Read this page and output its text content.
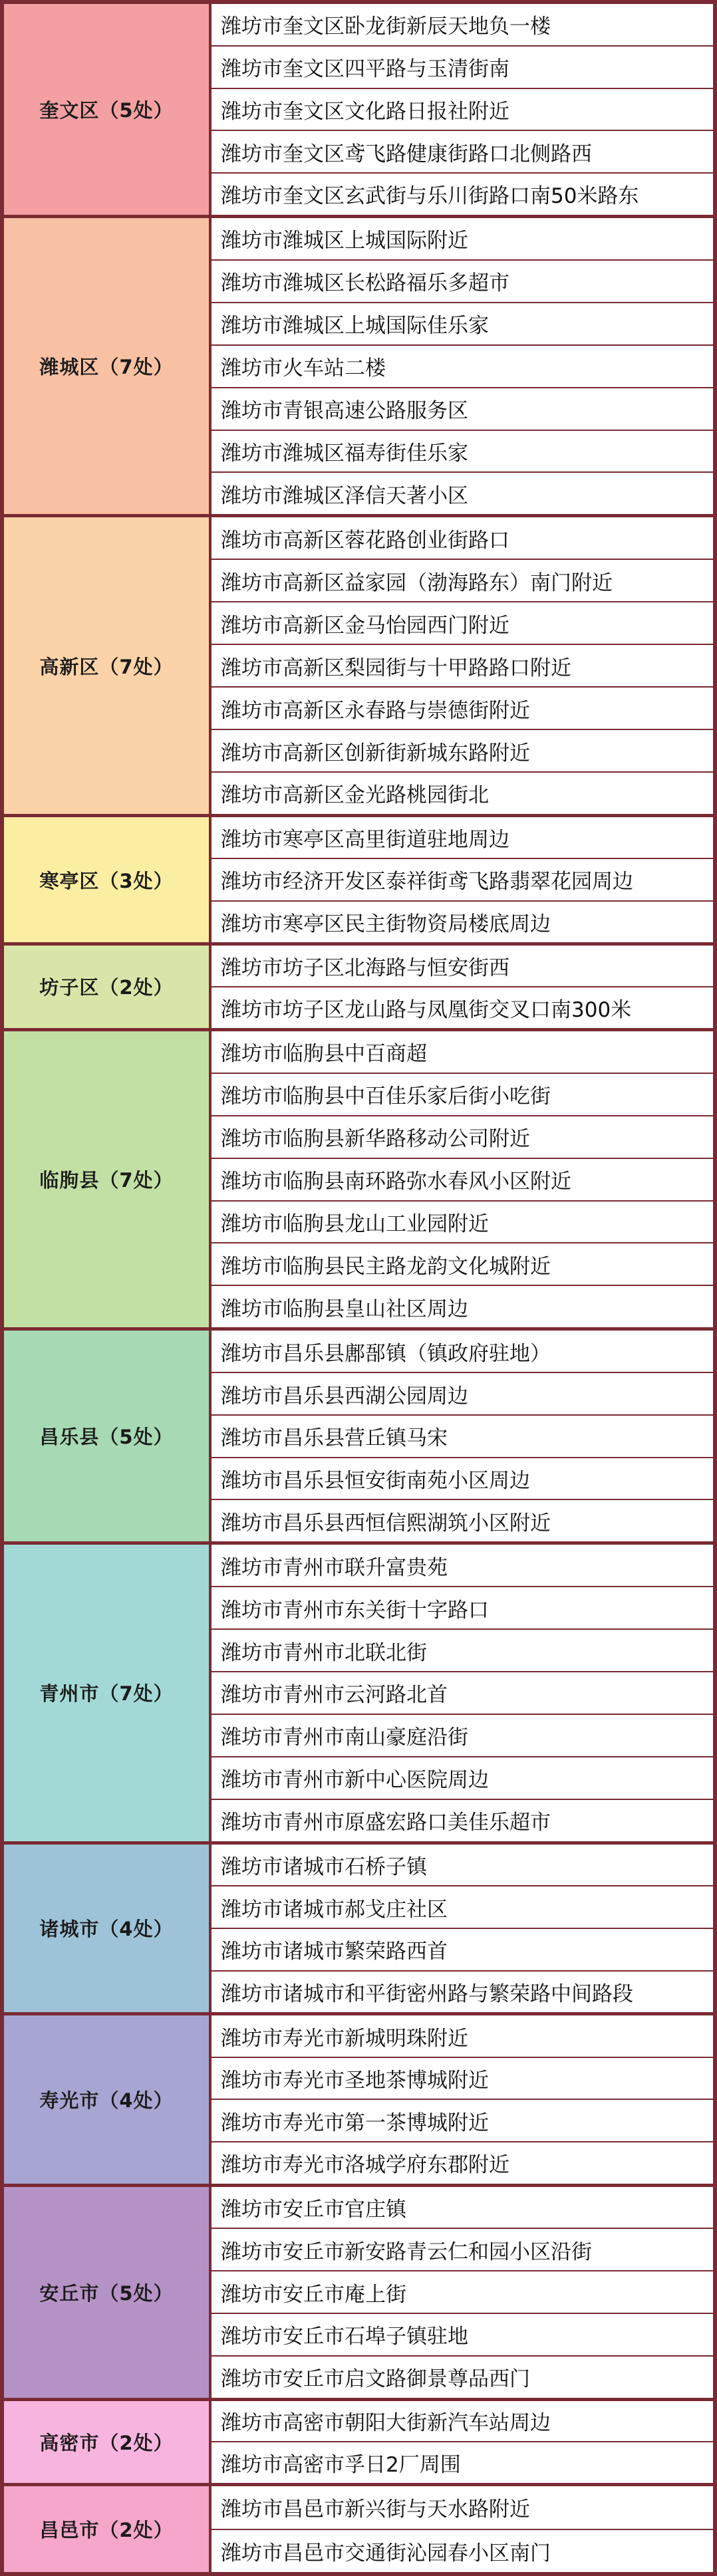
奎文区（5处）
潍坊市奎文区卧龙街新辰天地负一楼
潍坊市奎文区四平路与玉清街南
潍坊市奎文区文化路日报社附近
潍坊市奎文区鸢飞路健康街路口北侧路西
潍坊市奎文区玄武街与乐川街路口南50米路东
潍城区（7处）
潍坊市潍城区上城国际附近
潍坊市潍城区长松路福乐多超市
潍坊市潍城区上城国际佳乐家
潍坊市火车站二楼
潍坊市青银高速公路服务区
潍坊市潍城区福寿街佳乐家
潍坊市潍城区泽信天著小区
高新区（7处）
潍坊市高新区蓉花路创业街路口
潍坊市高新区益家园（渤海路东）南门附近
潍坊市高新区金马怡园西门附近
潍坊市高新区梨园街与十甲路路口附近
潍坊市高新区永春路与崇德街附近
潍坊市高新区创新街新城东路附近
潍坊市高新区金光路桃园街北
寒亭区（3处）
潍坊市寒亭区高里街道驻地周边
潍坊市经济开发区泰祥街鸢飞路翡翠花园周边
潍坊市寒亭区民主街物资局楼底周边
坊子区（2处）
潍坊市坊子区北海路与恒安街西
潍坊市坊子区龙山路与凤凰街交叉口南300米
临朐县（7处）
潍坊市临朐县中百商超
潍坊市临朐县中百佳乐家后街小吃街
潍坊市临朐县新华路移动公司附近
潍坊市临朐县南环路弥水春风小区附近
潍坊市临朐县龙山工业园附近
潍坊市临朐县民主路龙韵文化城附近
潍坊市临朐县皇山社区周边
昌乐县（5处）
潍坊市昌乐县鄌郚镇（镇政府驻地）
潍坊市昌乐县西湖公园周边
潍坊市昌乐县营丘镇马宋
潍坊市昌乐县恒安街南苑小区周边
潍坊市昌乐县西恒信熙湖筑小区附近
青州市（7处）
潍坊市青州市联升富贵苑
潍坊市青州市东关街十字路口
潍坊市青州市北联北街
潍坊市青州市云河路北首
潍坊市青州市南山豪庭沿街
潍坊市青州市新中心医院周边
潍坊市青州市原盛宏路口美佳乐超市
诸城市（4处）
潍坊市诸城市石桥子镇
潍坊市诸城市郝戈庄社区
潍坊市诸城市繁荣路西首
潍坊市诸城市和平街密州路与繁荣路中间路段
寿光市（4处）
潍坊市寿光市新城明珠附近
潍坊市寿光市圣地茶博城附近
潍坊市寿光市第一茶博城附近
潍坊市寿光市洛城学府东郡附近
安丘市（5处）
潍坊市安丘市官庄镇
潍坊市安丘市新安路青云仁和园小区沿街
潍坊市安丘市庵上街
潍坊市安丘市石埠子镇驻地
潍坊市安丘市启文路御景尊品西门
高密市（2处）
潍坊市高密市朝阳大街新汽车站周边
潍坊市高密市孚日2厂周围
昌邑市（2处）
潍坊市昌邑市新兴街与天水路附近
潍坊市昌邑市交通街沁园春小区南门
